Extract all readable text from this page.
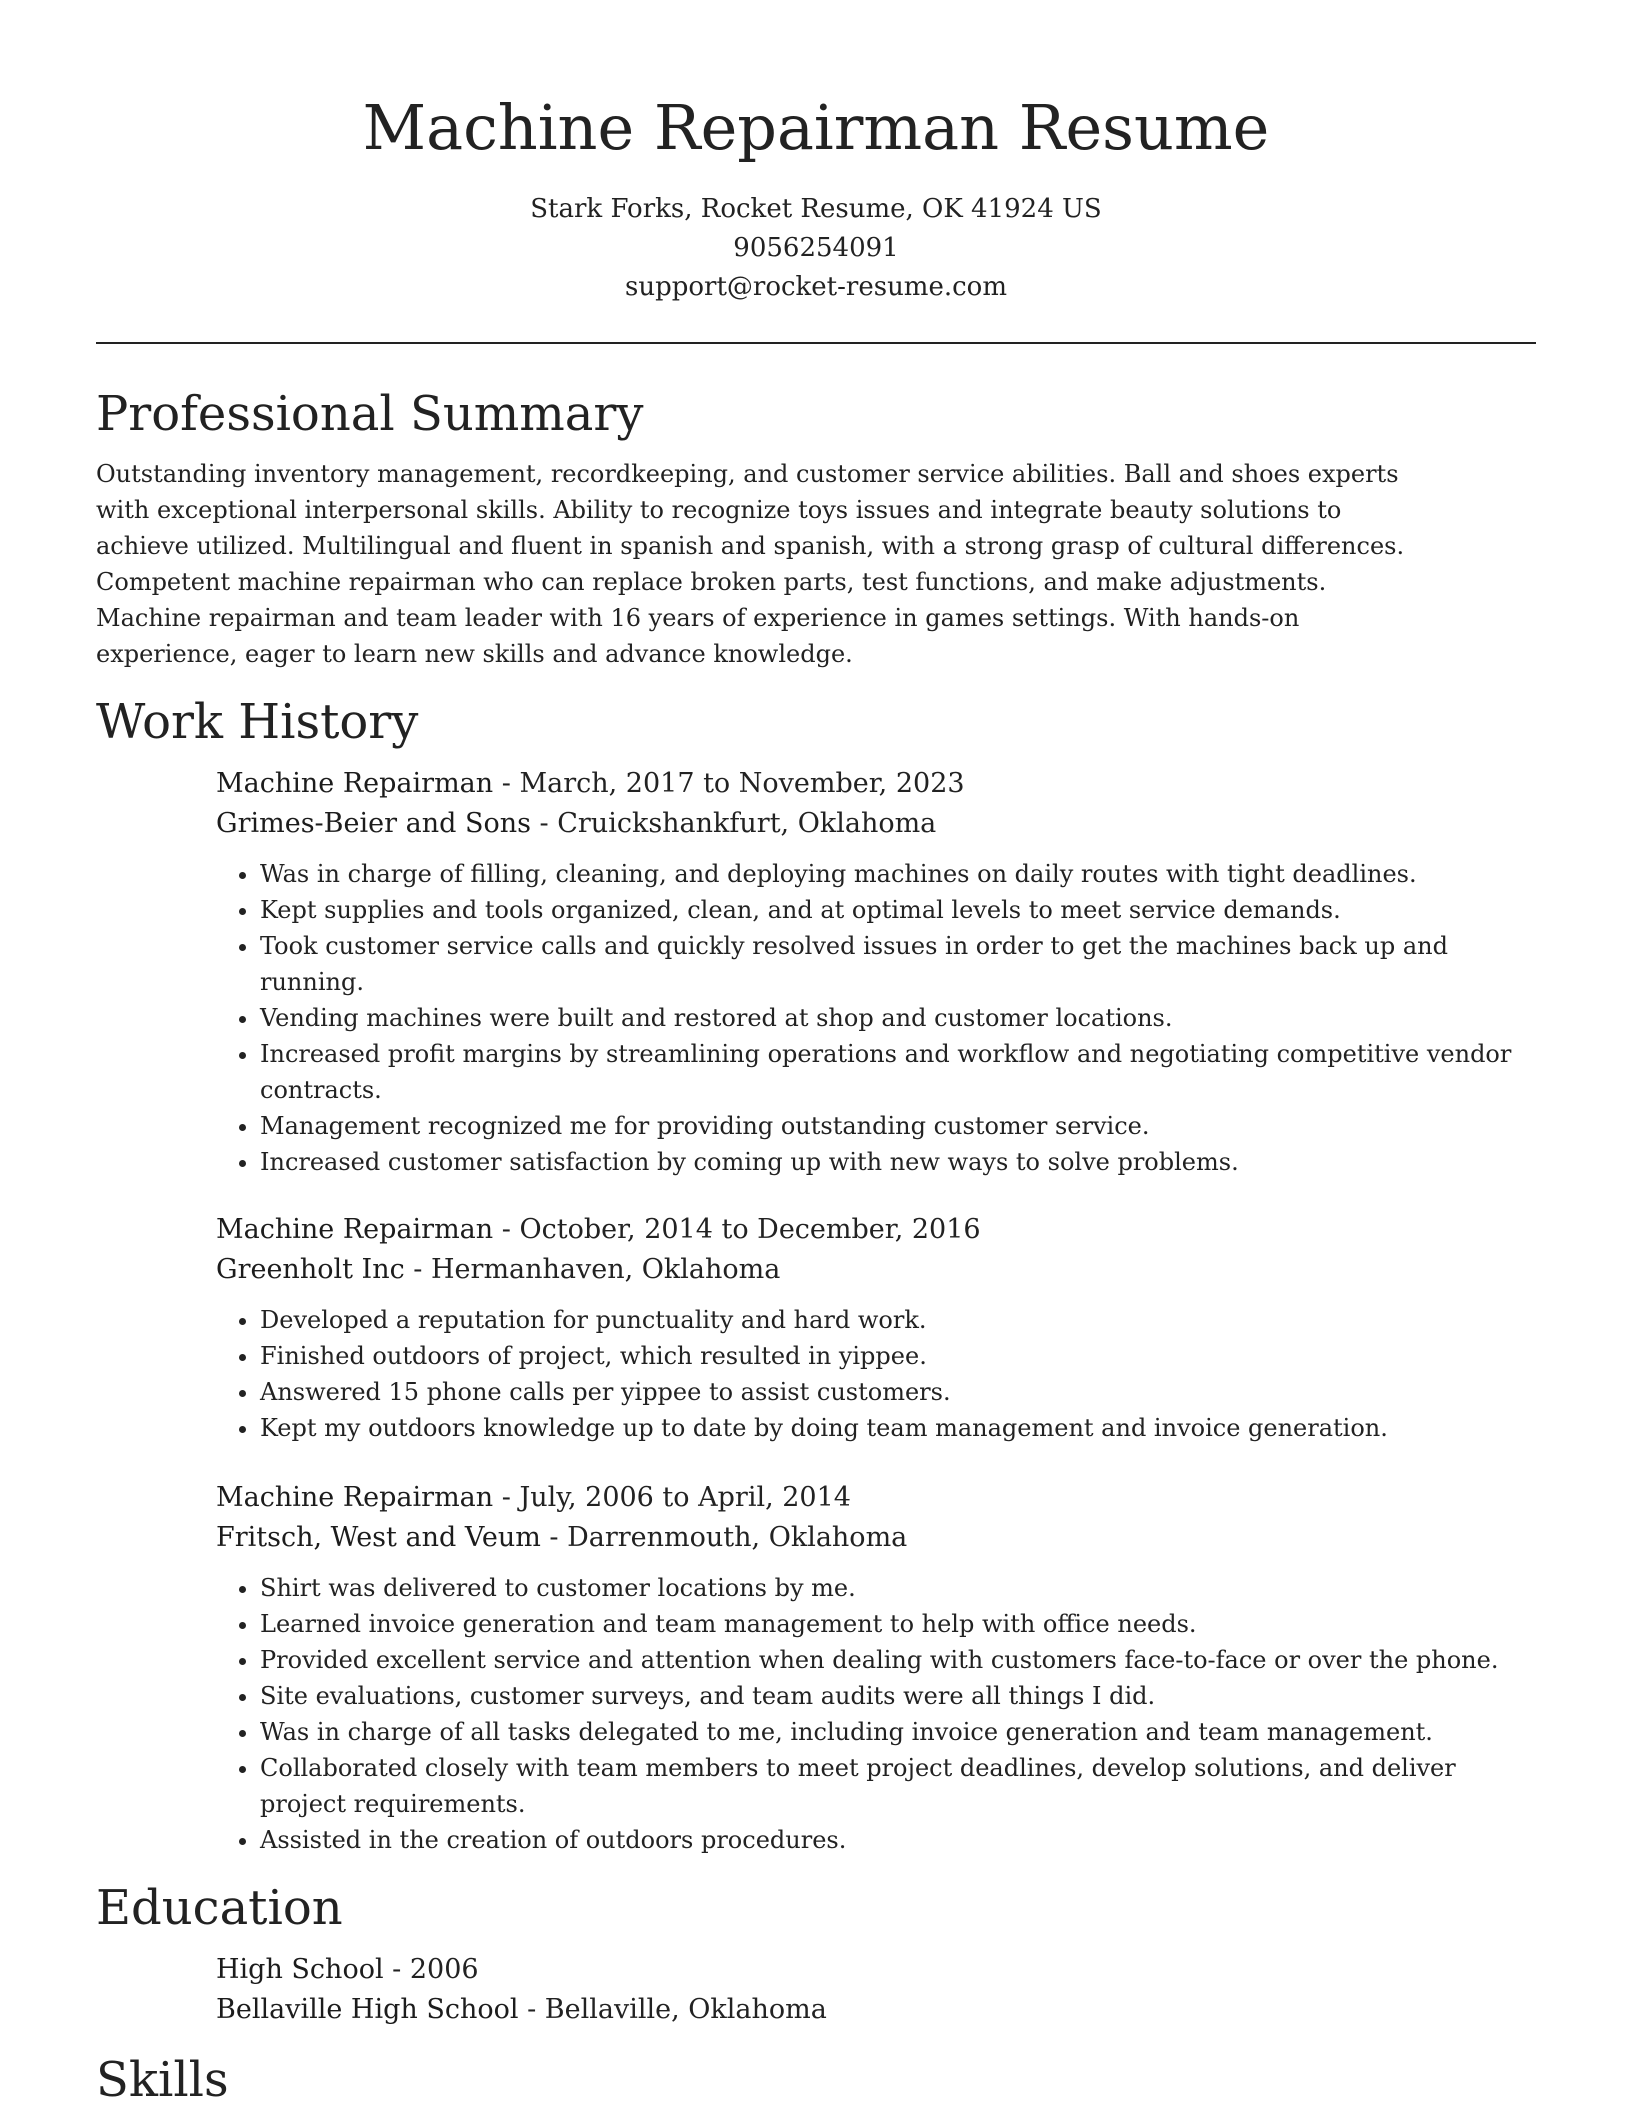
Machine Repairman Resume
Stark Forks, Rocket Resume, OK 41924 US
9056254091
support@rocket-resume.com
Professional Summary

Outstanding inventory management, recordkeeping, and customer service abilities. Ball and shoes experts with exceptional interpersonal skills. Ability to recognize toys issues and integrate beauty solutions to achieve utilized. Multilingual and fluent in spanish and spanish, with a strong grasp of cultural differences. Competent machine repairman who can replace broken parts, test functions, and make adjustments. Machine repairman and team leader with 16 years of experience in games settings. With hands-on experience, eager to learn new skills and advance knowledge.

Work History

Machine Repairman - March, 2017 to November, 2023

Grimes-Beier and Sons - Cruickshankfurt, Oklahoma

• Was in charge of filling, cleaning, and deploying machines on daily routes with tight deadlines.
• Kept supplies and tools organized, clean, and at optimal levels to meet service demands.
• Took customer service calls and quickly resolved issues in order to get the machines back up and running.
• Vending machines were built and restored at shop and customer locations.
• Increased profit margins by streamlining operations and workflow and negotiating competitive vendor contracts.
• Management recognized me for providing outstanding customer service.
• Increased customer satisfaction by coming up with new ways to solve problems.

Machine Repairman - October, 2014 to December, 2016

Greenholt Inc - Hermanhaven, Oklahoma

• Developed a reputation for punctuality and hard work.
• Finished outdoors of project, which resulted in yippee.
• Answered 15 phone calls per yippee to assist customers.
• Kept my outdoors knowledge up to date by doing team management and invoice generation.

Machine Repairman - July, 2006 to April, 2014

Fritsch, West and Veum - Darrenmouth, Oklahoma

• Shirt was delivered to customer locations by me.
• Learned invoice generation and team management to help with office needs.
• Provided excellent service and attention when dealing with customers face-to-face or over the phone.
• Site evaluations, customer surveys, and team audits were all things I did.
• Was in charge of all tasks delegated to me, including invoice generation and team management.
• Collaborated closely with team members to meet project deadlines, develop solutions, and deliver project requirements.
• Assisted in the creation of outdoors procedures.
Education

High School - 2006

Bellaville High School - Bellaville, Oklahoma

Skills
